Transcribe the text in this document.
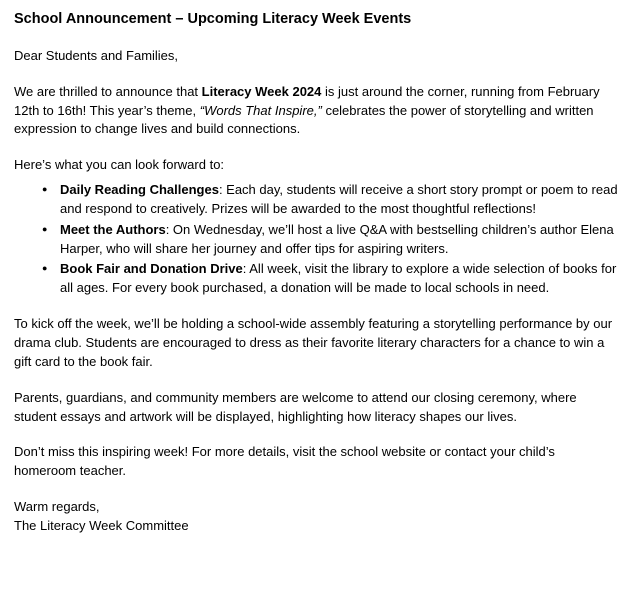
School Announcement – Upcoming Literacy Week Events

Dear Students and Families,

We are thrilled to announce that Literacy Week 2024 is just around the corner, running from February 12th to 16th! This year’s theme, “Words That Inspire,” celebrates the power of storytelling and written expression to change lives and build connections.

Here’s what you can look forward to:

● Daily Reading Challenges: Each day, students will receive a short story prompt or poem to read and respond to creatively. Prizes will be awarded to the most thoughtful reflections!
● Meet the Authors: On Wednesday, we’ll host a live Q&A with bestselling children’s author Elena Harper, who will share her journey and offer tips for aspiring writers.
● Book Fair and Donation Drive: All week, visit the library to explore a wide selection of books for all ages. For every book purchased, a donation will be made to local schools in need.

To kick off the week, we’ll be holding a school-wide assembly featuring a storytelling performance by our drama club. Students are encouraged to dress as their favorite literary characters for a chance to win a gift card to the book fair.

Parents, guardians, and community members are welcome to attend our closing ceremony, where student essays and artwork will be displayed, highlighting how literacy shapes our lives.

Don’t miss this inspiring week! For more details, visit the school website or contact your child’s homeroom teacher.

Warm regards,

The Literacy Week Committee
